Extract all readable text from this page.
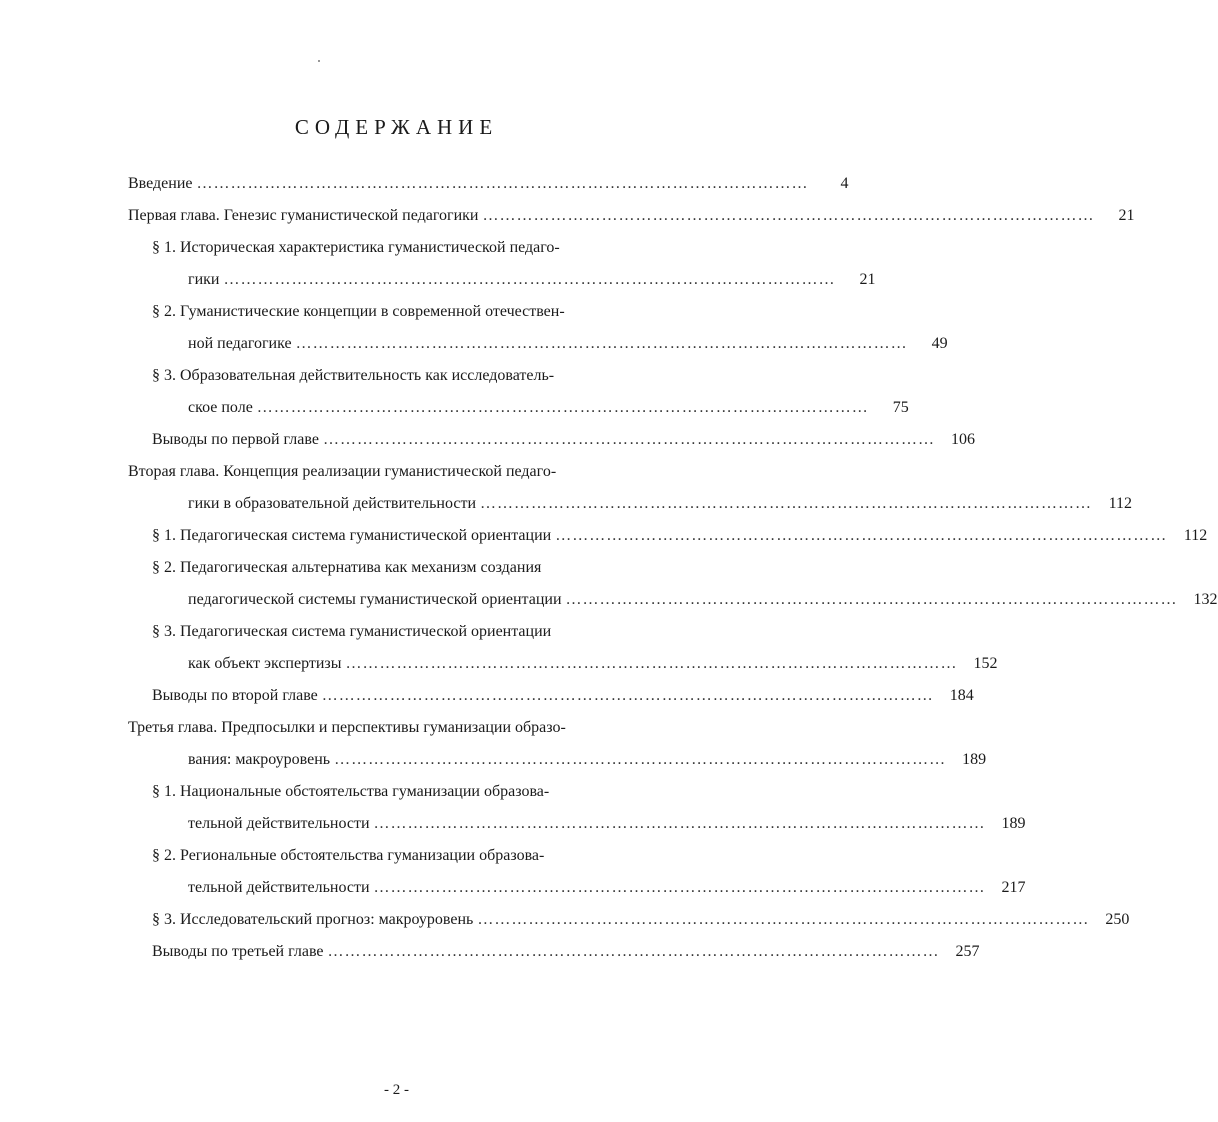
СОДЕРЖАНИЕ
Введение ………………………………………………………………………………………………	4
Первая глава. Генезис гуманистической педагогики ………………………………………………………………………………………………	21
§ 1. Историческая характеристика гуманистической педаго-
гики ………………………………………………………………………………………………	21
§ 2. Гуманистические концепции в современной отечествен-
ной педагогике ………………………………………………………………………………………………	49
§ 3. Образовательная действительность как исследователь-
ское поле ………………………………………………………………………………………………	75
Выводы по первой главе ………………………………………………………………………………………………	106
Вторая глава. Концепция реализации гуманистической педаго-
гики в образовательной действительности ………………………………………………………………………………………………	112
§ 1. Педагогическая система гуманистической ориентации ………………………………………………………………………………………………	112
§ 2. Педагогическая альтернатива как механизм создания
педагогической системы гуманистической ориентации ………………………………………………………………………………………………	132
§ 3. Педагогическая система гуманистической ориентации
как объект экспертизы ………………………………………………………………………………………………	152
Выводы по второй главе ………………………………………………………………………………………………	184
Третья глава. Предпосылки и перспективы гуманизации образо-
вания: макроуровень ………………………………………………………………………………………………	189
§ 1. Национальные обстоятельства гуманизации образова-
тельной действительности ………………………………………………………………………………………………	189
§ 2. Региональные обстоятельства гуманизации образова-
тельной действительности ………………………………………………………………………………………………	217
§ 3. Исследовательский прогноз: макроуровень ………………………………………………………………………………………………	250
Выводы по третьей главе ………………………………………………………………………………………………	257
- 2 -
